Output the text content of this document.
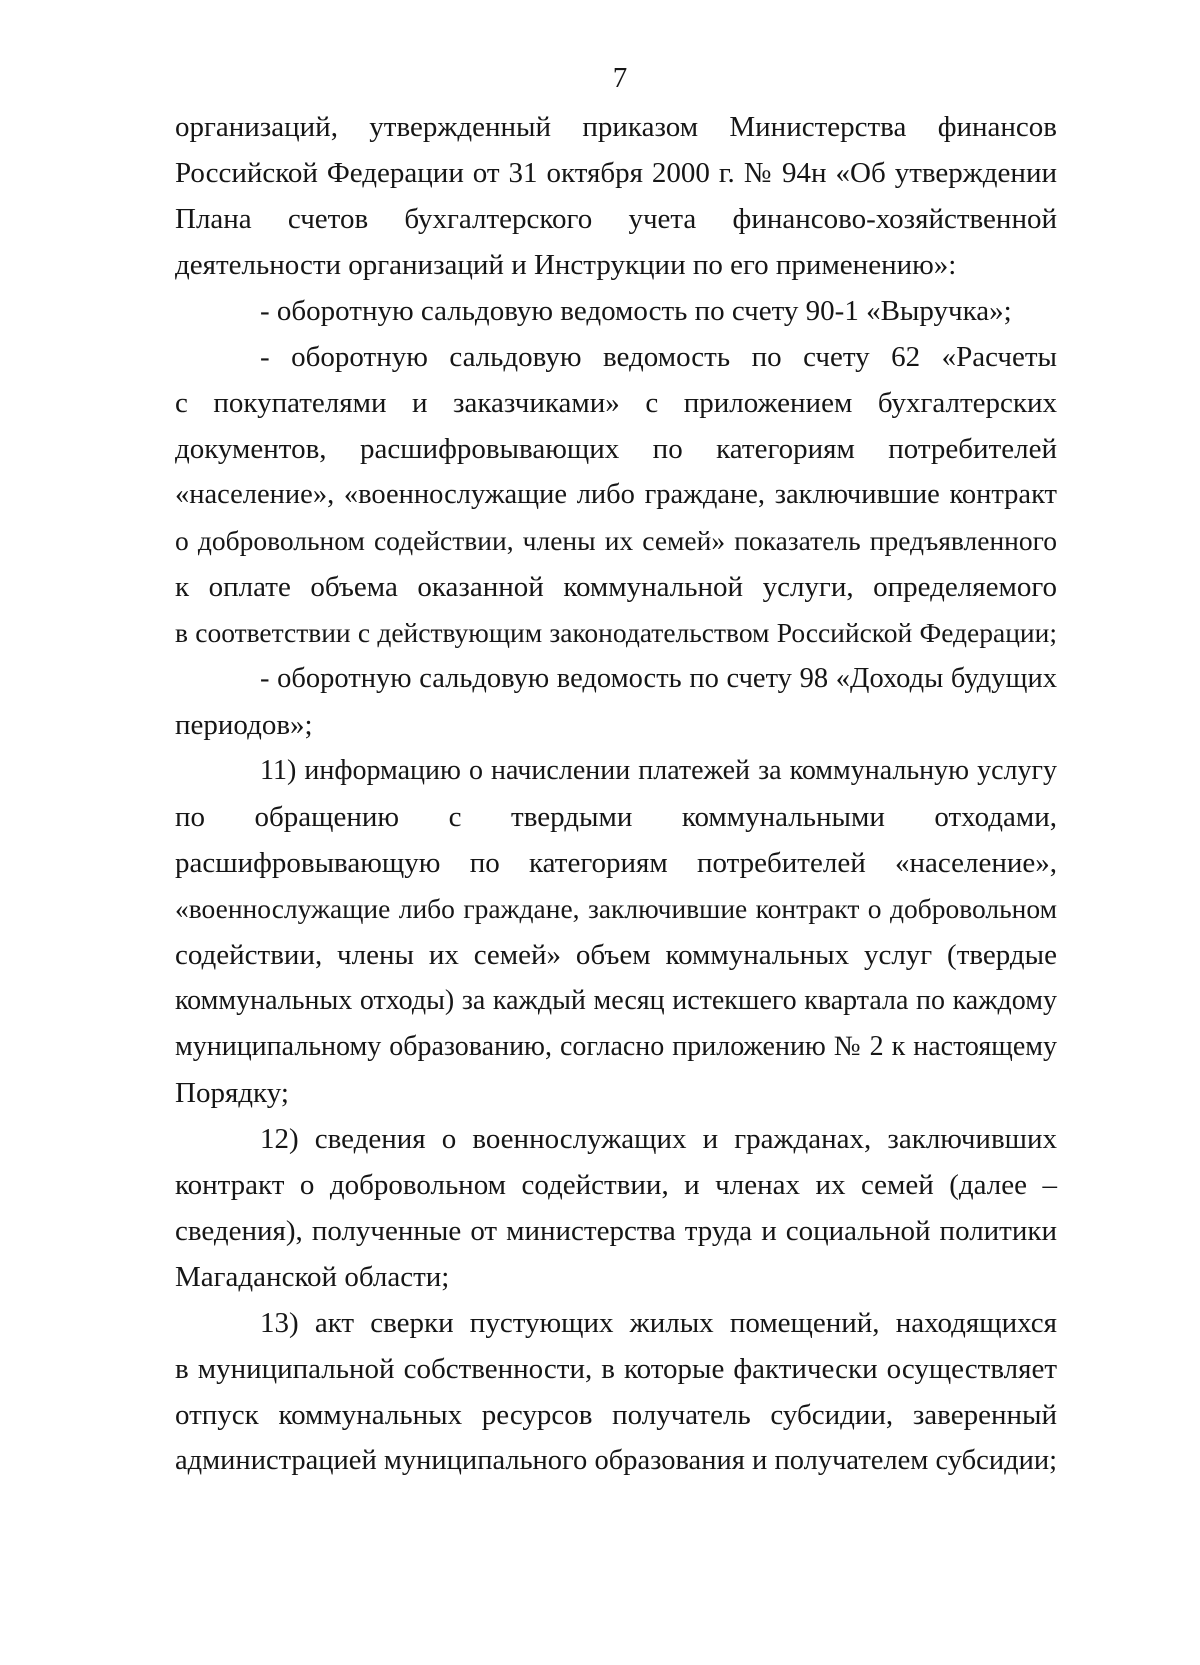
7
организаций, утвержденный приказом Министерства финансов
Российской Федерации от 31 октября 2000 г. № 94н «Об утверждении
Плана счетов бухгалтерского учета финансово-хозяйственной
деятельности организаций и Инструкции по его применению»:
- оборотную сальдовую ведомость по счету 90-1 «Выручка»;
- оборотную сальдовую ведомость по счету 62 «Расчеты
с покупателями и заказчиками» с приложением бухгалтерских
документов, расшифровывающих по категориям потребителей
«население», «военнослужащие либо граждане, заключившие контракт
о добровольном содействии, члены их семей» показатель предъявленного
к оплате объема оказанной коммунальной услуги, определяемого
в соответствии с действующим законодательством Российской Федерации;
- оборотную сальдовую ведомость по счету 98 «Доходы будущих
периодов»;
11) информацию о начислении платежей за коммунальную услугу
по обращению с твердыми коммунальными отходами,
расшифровывающую по категориям потребителей «население»,
«военнослужащие либо граждане, заключившие контракт о добровольном
содействии, члены их семей» объем коммунальных услуг (твердые
коммунальных отходы) за каждый месяц истекшего квартала по каждому
муниципальному образованию, согласно приложению № 2 к настоящему
Порядку;
12) сведения о военнослужащих и гражданах, заключивших
контракт о добровольном содействии, и членах их семей (далее –
сведения), полученные от министерства труда и социальной политики
Магаданской области;
13) акт сверки пустующих жилых помещений, находящихся
в муниципальной собственности, в которые фактически осуществляет
отпуск коммунальных ресурсов получатель субсидии, заверенный
администрацией муниципального образования и получателем субсидии;
